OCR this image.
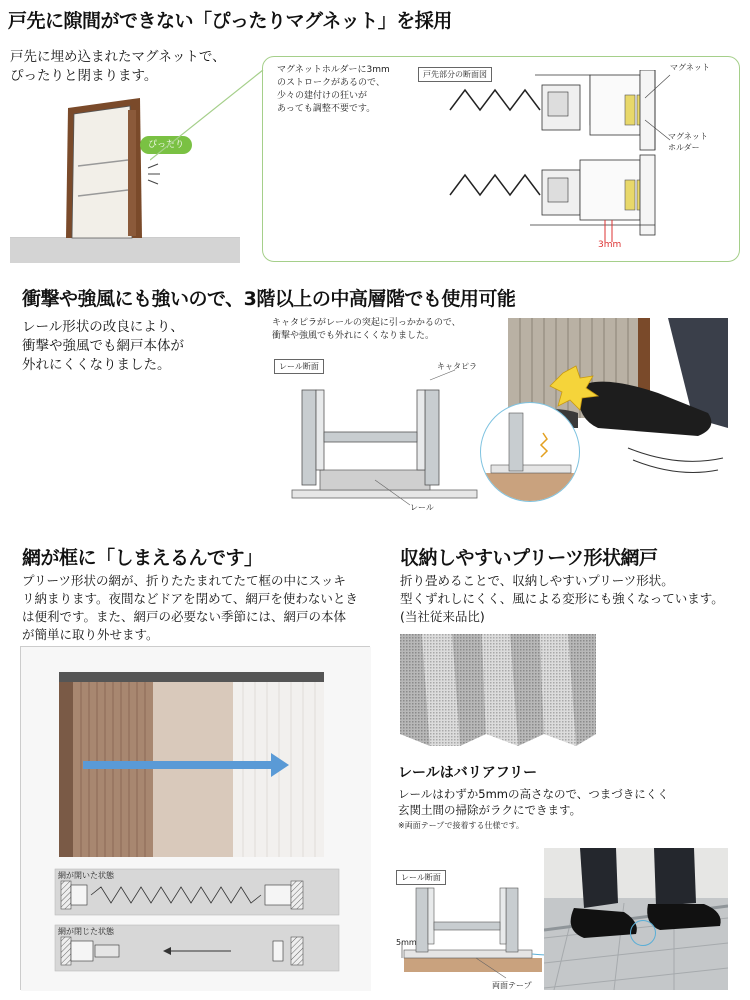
戸先に隙間ができない「ぴったりマグネット」を採用
戸先に埋め込まれたマグネットで、
ぴったりと閉まります。
ぴったり
マグネットホルダーに3mm
のストロークがあるので、
少々の建付けの狂いが
あっても調整不要です。
戸先部分の断面図
マグネット
マグネット
ホルダー
3mm
衝撃や強風にも強いので、3階以上の中高層階でも使用可能
レール形状の改良により、
衝撃や強風でも網戸本体が
外れにくくなりました。
キャタピラがレールの突起に引っかかるので、
衝撃や強風でも外れにくくなりました。
レール断面	キャタピラ
レール
網が框に「しまえるんです」
プリーツ形状の網が、折りたたまれてたて框の中にスッキ
リ納まります。夜間などドアを閉めて、網戸を使わないとき
は便利です。また、網戸の必要ない季節には、網戸の本体
が簡単に取り外せます。
網が開いた状態
網が閉じた状態
収納しやすいプリーツ形状網戸
折り畳めることで、収納しやすいプリーツ形状。
型くずれしにくく、風による変形にも強くなっています。
(当社従来品比)
レールはバリアフリー
レールはわずか5mmの高さなので、つまづきにくく
玄関土間の掃除がラクにできます。
※両面テープで接着する仕様です。
レール断面
5mm
両面テープ
